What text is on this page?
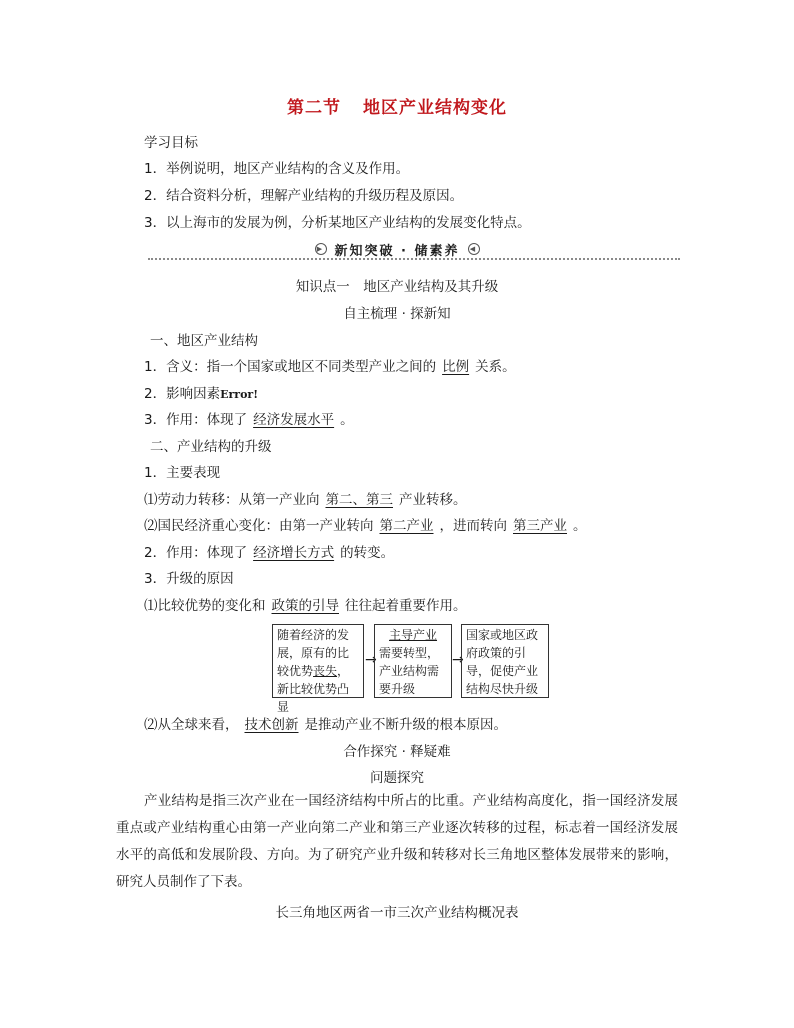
第二节 地区产业结构变化
学习目标
1．举例说明，地区产业结构的含义及作用。
2．结合资料分析，理解产业结构的升级历程及原因。
3．以上海市的发展为例，分析某地区产业结构的发展变化特点。
▶ 新知突破 · 储素养	◀
知识点一　地区产业结构及其升级
自主梳理 · 探新知
一、地区产业结构
1．含义：指一个国家或地区不同类型产业之间的 比例 关系。
2．影响因素Error!
3．作用：体现了 经济发展水平 。
二、产业结构的升级
1．主要表现
⑴劳动力转移：从第一产业向 第二、第三 产业转移。
⑵国民经济重心变化：由第一产业转向 第二产业 ，进而转向 第三产业 。
2．作用：体现了 经济增长方式 的转变。
3．升级的原因
⑴比较优势的变化和 政策的引导 往往起着重要作用。
随着经济的发展，原有的比较优势丧失，新比较优势凸显
→
主导产业
需要转型，产业结构需要升级
→
国家或地区政府政策的引导，促使产业结构尽快升级
⑵从全球来看， 技术创新 是推动产业不断升级的根本原因。
合作探究 · 释疑难
问题探究
产业结构是指三次产业在一国经济结构中所占的比重。产业结构高度化，指一国经济发展重点或产业结构重心由第一产业向第二产业和第三产业逐次转移的过程，标志着一国经济发展水平的高低和发展阶段、方向。为了研究产业升级和转移对长三角地区整体发展带来的影响，研究人员制作了下表。
长三角地区两省一市三次产业结构概况表
